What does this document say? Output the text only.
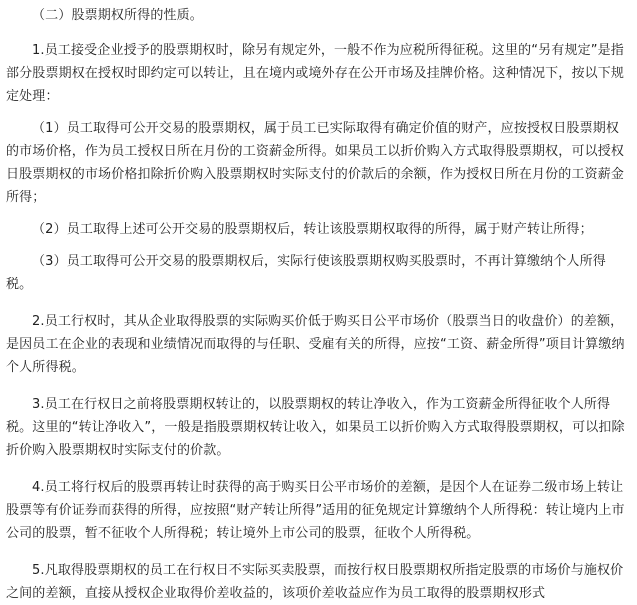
（二）股票期权所得的性质。

1.员工接受企业授予的股票期权时，除另有规定外，一般不作为应税所得征税。这里的“另有规定”是指部分股票期权在授权时即约定可以转让，且在境内或境外存在公开市场及挂牌价格。这种情况下，按以下规定处理：

（1）员工取得可公开交易的股票期权，属于员工已实际取得有确定价值的财产，应按授权日股票期权的市场价格，作为员工授权日所在月份的工资薪金所得。如果员工以折价购入方式取得股票期权，可以授权日股票期权的市场价格扣除折价购入股票期权时实际支付的价款后的余额，作为授权日所在月份的工资薪金所得；

（2）员工取得上述可公开交易的股票期权后，转让该股票期权取得的所得，属于财产转让所得；

（3）员工取得可公开交易的股票期权后，实际行使该股票期权购买股票时，不再计算缴纳个人所得税。

2.员工行权时，其从企业取得股票的实际购买价低于购买日公平市场价（股票当日的收盘价）的差额，是因员工在企业的表现和业绩情况而取得的与任职、受雇有关的所得，应按“工资、薪金所得”项目计算缴纳个人所得税。

3.员工在行权日之前将股票期权转让的，以股票期权的转让净收入，作为工资薪金所得征收个人所得税。这里的“转让净收入”，一般是指股票期权转让收入，如果员工以折价购入方式取得股票期权，可以扣除折价购入股票期权时实际支付的价款。

4.员工将行权后的股票再转让时获得的高于购买日公平市场价的差额，是因个人在证券二级市场上转让股票等有价证券而获得的所得，应按照“财产转让所得”适用的征免规定计算缴纳个人所得税：转让境内上市公司的股票，暂不征收个人所得税；转让境外上市公司的股票，征收个人所得税。

5.凡取得股票期权的员工在行权日不实际买卖股票，而按行权日股票期权所指定股票的市场价与施权价之间的差额，直接从授权企业取得价差收益的，该项价差收益应作为员工取得的股票期权形式
